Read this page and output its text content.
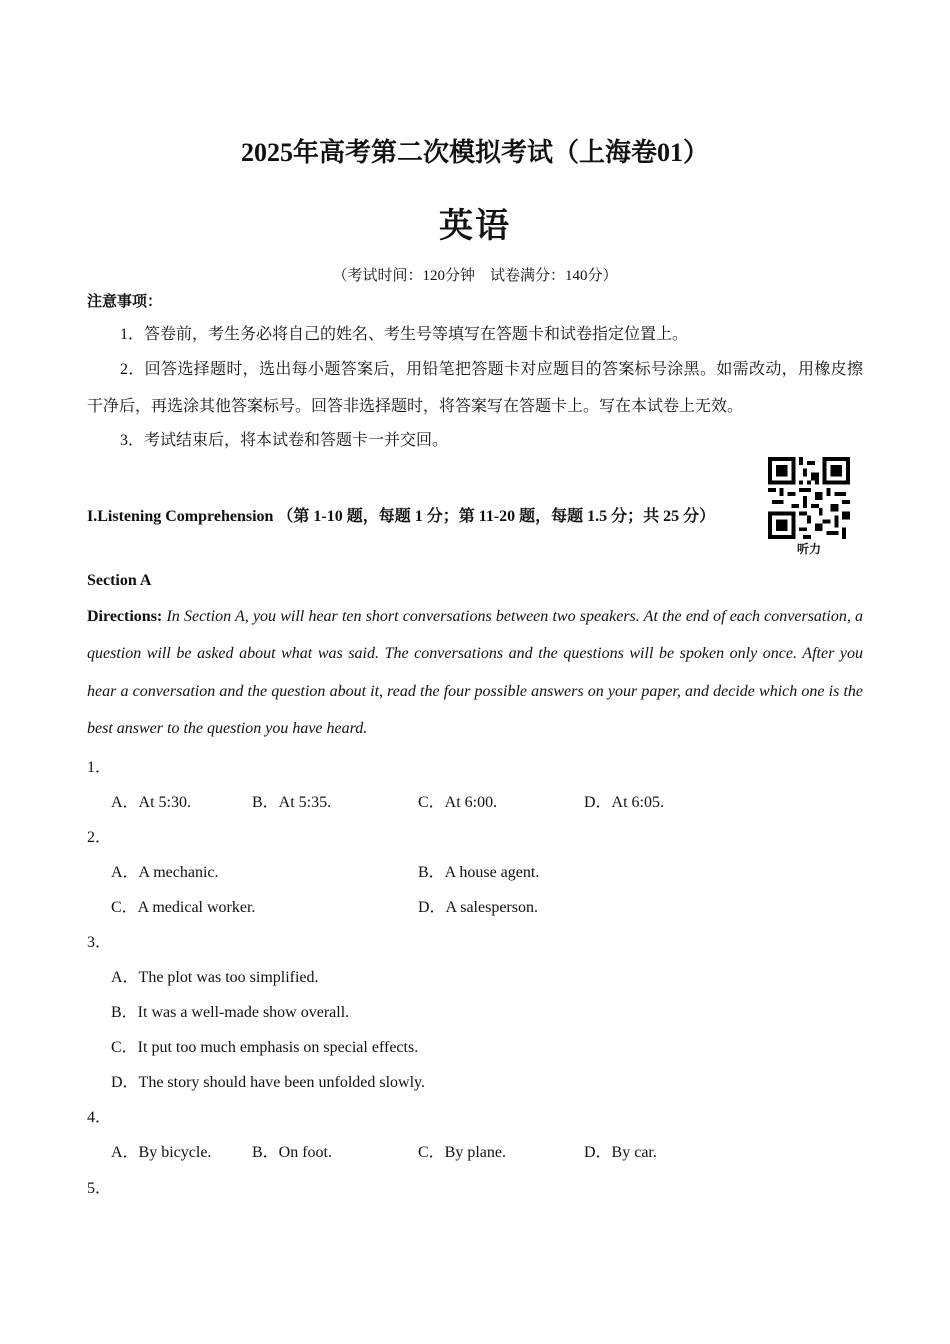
2025年高考第二次模拟考试（上海卷01）
英语
（考试时间：120分钟　试卷满分：140分）
注意事项：
1．答卷前，考生务必将自己的姓名、考生号等填写在答题卡和试卷指定位置上。
2．回答选择题时，选出每小题答案后，用铅笔把答题卡对应题目的答案标号涂黑。如需改动，用橡皮擦干净后，再选涂其他答案标号。回答非选择题时，将答案写在答题卡上。写在本试卷上无效。
3．考试结束后，将本试卷和答题卡一并交回。
I.Listening Comprehension （第 1-10 题，每题 1 分；第 11-20 题，每题 1.5 分；共 25 分）
听力
Section A
Directions: In Section A, you will hear ten short conversations between two speakers. At the end of each conversation, a question will be asked about what was said. The conversations and the questions will be spoken only once. After you hear a conversation and the question about it, read the four possible answers on your paper, and decide which one is the best answer to the question you have heard.
1．
A．At 5:30.	B．At 5:35.	C．At 6:00.	D．At 6:05.
2．
A．A mechanic.	B．A house agent.
C．A medical worker.	D．A salesperson.
3．
A．The plot was too simplified.
B．It was a well-made show overall.
C．It put too much emphasis on special effects.
D．The story should have been unfolded slowly.
4．
A．By bicycle.	B．On foot.	C．By plane.	D．By car.
5．
